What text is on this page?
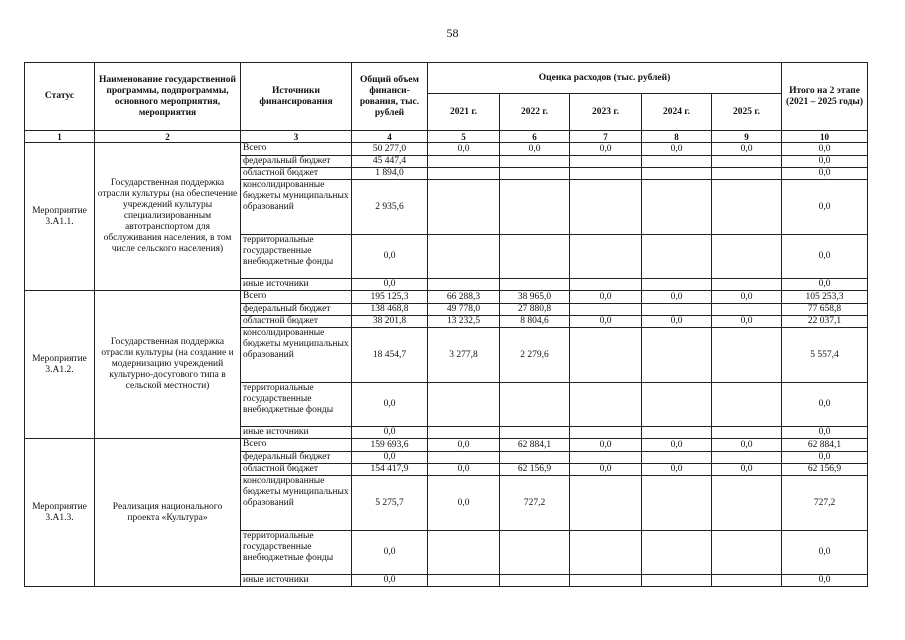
58
Статус	Наименование государственной программы, подпрограммы, основного мероприятия, мероприятия	Источники финансирования	Общий объем финанси-рования, тыс. рублей	Оценка расходов (тыс. рублей)					Итого на 2 этапе (2021 – 2025 годы)
				2021 г.	2022 г.	2023 г.	2024 г.	2025 г.	
1	2	3	4	5	6	7	8	9	10
Мероприятие 3.А1.1.	Государственная поддержка отрасли культуры (на обеспечение учреждений культуры специализированным автотранспортом для обслуживания населения, в том числе сельского населения)	Всего	50 277,0	0,0	0,0	0,0	0,0	0,0	0,0
		федеральный бюджет	45 447,4						0,0
		областной бюджет	1 894,0						0,0
		консолидированные бюджеты муниципальных образований	2 935,6						0,0
		территориальные государственные внебюджетные фонды	0,0						0,0
		иные источники	0,0						0,0
Мероприятие 3.А1.2.	Государственная поддержка отрасли культуры (на создание и модернизацию учреждений культурно-досугового типа в сельской местности)	Всего	195 125,3	66 288,3	38 965,0	0,0	0,0	0,0	105 253,3
		федеральный бюджет	138 468,8	49 778,0	27 880,8				77 658,8
		областной бюджет	38 201,8	13 232,5	8 804,6	0,0	0,0	0,0	22 037,1
		консолидированные бюджеты муниципальных образований	18 454,7	3 277,8	2 279,6				5 557,4
		территориальные государственные внебюджетные фонды	0,0						0,0
		иные источники	0,0						0,0
Мероприятие 3.А1.3.	Реализация национального проекта «Культура»	Всего	159 693,6	0,0	62 884,1	0,0	0,0	0,0	62 884,1
		федеральный бюджет	0,0						0,0
		областной бюджет	154 417,9	0,0	62 156,9	0,0	0,0	0,0	62 156,9
		консолидированные бюджеты муниципальных образований	5 275,7	0,0	727,2				727,2
		территориальные государственные внебюджетные фонды	0,0						0,0
		иные источники	0,0						0,0
